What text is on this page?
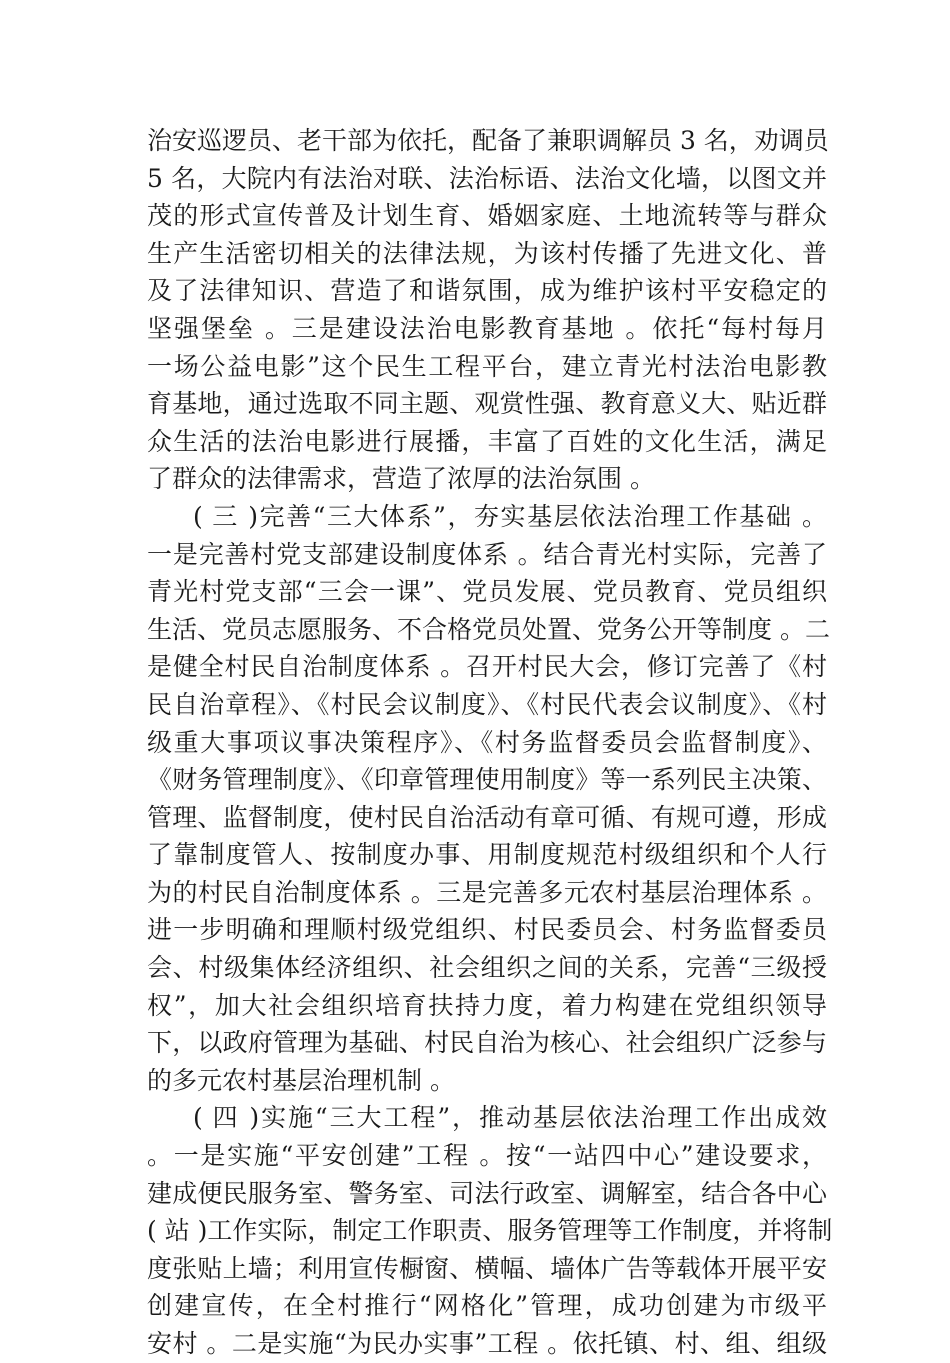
治安巡逻员、老干部为依托，配备了兼职调解员 3 名，劝调员
5 名，大院内有法治对联、法治标语、法治文化墙，以图文并
茂的形式宣传普及计划生育、婚姻家庭、土地流转等与群众
生产生活密切相关的法律法规，为该村传播了先进文化、普
及了法律知识、营造了和谐氛围，成为维护该村平安稳定的
坚强堡垒 。三是建设法治电影教育基地 。依托“每村每月
一场公益电影”这个民生工程平台，建立青光村法治电影教
育基地，通过选取不同主题、观赏性强、教育意义大、贴近群
众生活的法治电影进行展播，丰富了百姓的文化生活，满足
了群众的法律需求，营造了浓厚的法治氛围 。
( 三 )完善“三大体系”，夯实基层依法治理工作基础 。
一是完善村党支部建设制度体系 。结合青光村实际，完善了
青光村党支部“三会一课”、党员发展、党员教育、党员组织
生活、党员志愿服务、不合格党员处置、党务公开等制度 。二
是健全村民自治制度体系 。召开村民大会，修订完善了《村
民自治章程》、《村民会议制度》、《村民代表会议制度》、《村
级重大事项议事决策程序》、《村务监督委员会监督制度》、
《财务管理制度》、《印章管理使用制度》等一系列民主决策、
管理、监督制度，使村民自治活动有章可循、有规可遵，形成
了靠制度管人、按制度办事、用制度规范村级组织和个人行
为的村民自治制度体系 。三是完善多元农村基层治理体系 。
进一步明确和理顺村级党组织、村民委员会、村务监督委员
会、村级集体经济组织、社会组织之间的关系，完善“三级授
权”，加大社会组织培育扶持力度，着力构建在党组织领导
下，以政府管理为基础、村民自治为核心、社会组织广泛参与
的多元农村基层治理机制 。
( 四 )实施“三大工程”，推动基层依法治理工作出成效
。一是实施“平安创建”工程 。按“一站四中心”建设要求，
建成便民服务室、警务室、司法行政室、调解室，结合各中心
( 站 )工作实际，制定工作职责、服务管理等工作制度，并将制
度张贴上墙；利用宣传橱窗、横幅、墙体广告等载体开展平安
创建宣传，在全村推行“网格化”管理，成功创建为市级平
安村 。二是实施“为民办实事”工程 。依托镇、村、组、组级
